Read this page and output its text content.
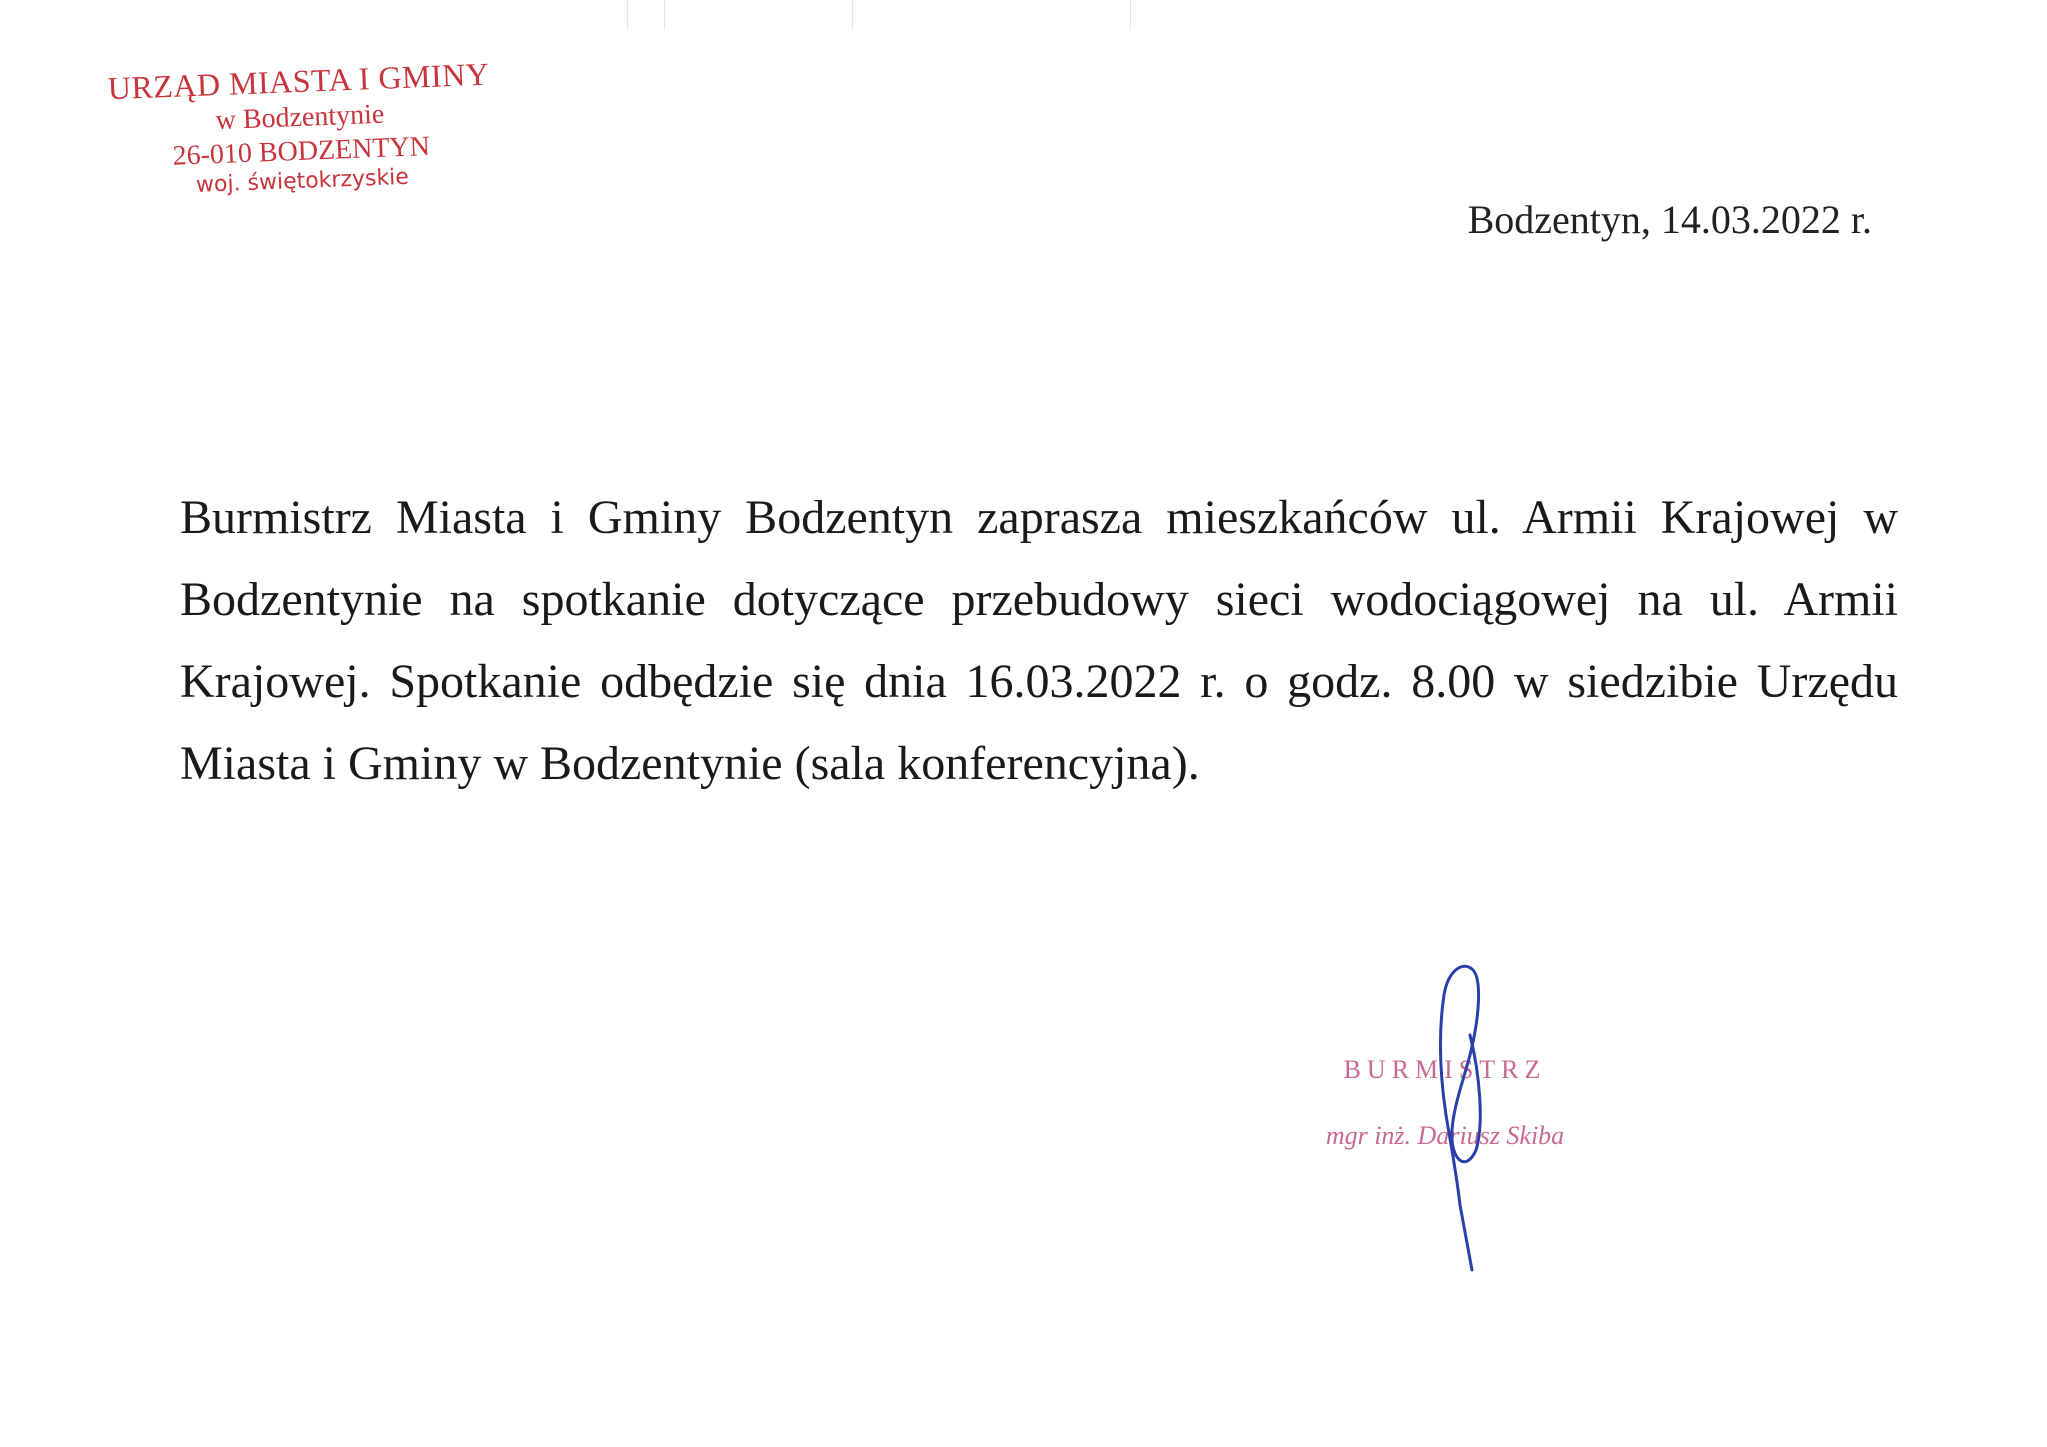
URZĄD MIASTA I GMINY
w Bodzentynie
26-010 BODZENTYN
woj. świętokrzyskie
Bodzentyn, 14.03.2022 r.
Burmistrz Miasta i Gminy Bodzentyn zaprasza mieszkańców ul. Armii Krajowej w Bodzentynie na spotkanie dotyczące przebudowy sieci wodociągowej na ul. Armii Krajowej. Spotkanie odbędzie się dnia 16.03.2022 r. o godz. 8.00 w siedzibie Urzędu Miasta i Gminy w Bodzentynie (sala konferencyjna).
BURMISTRZ
mgr inż. Dariusz Skiba
